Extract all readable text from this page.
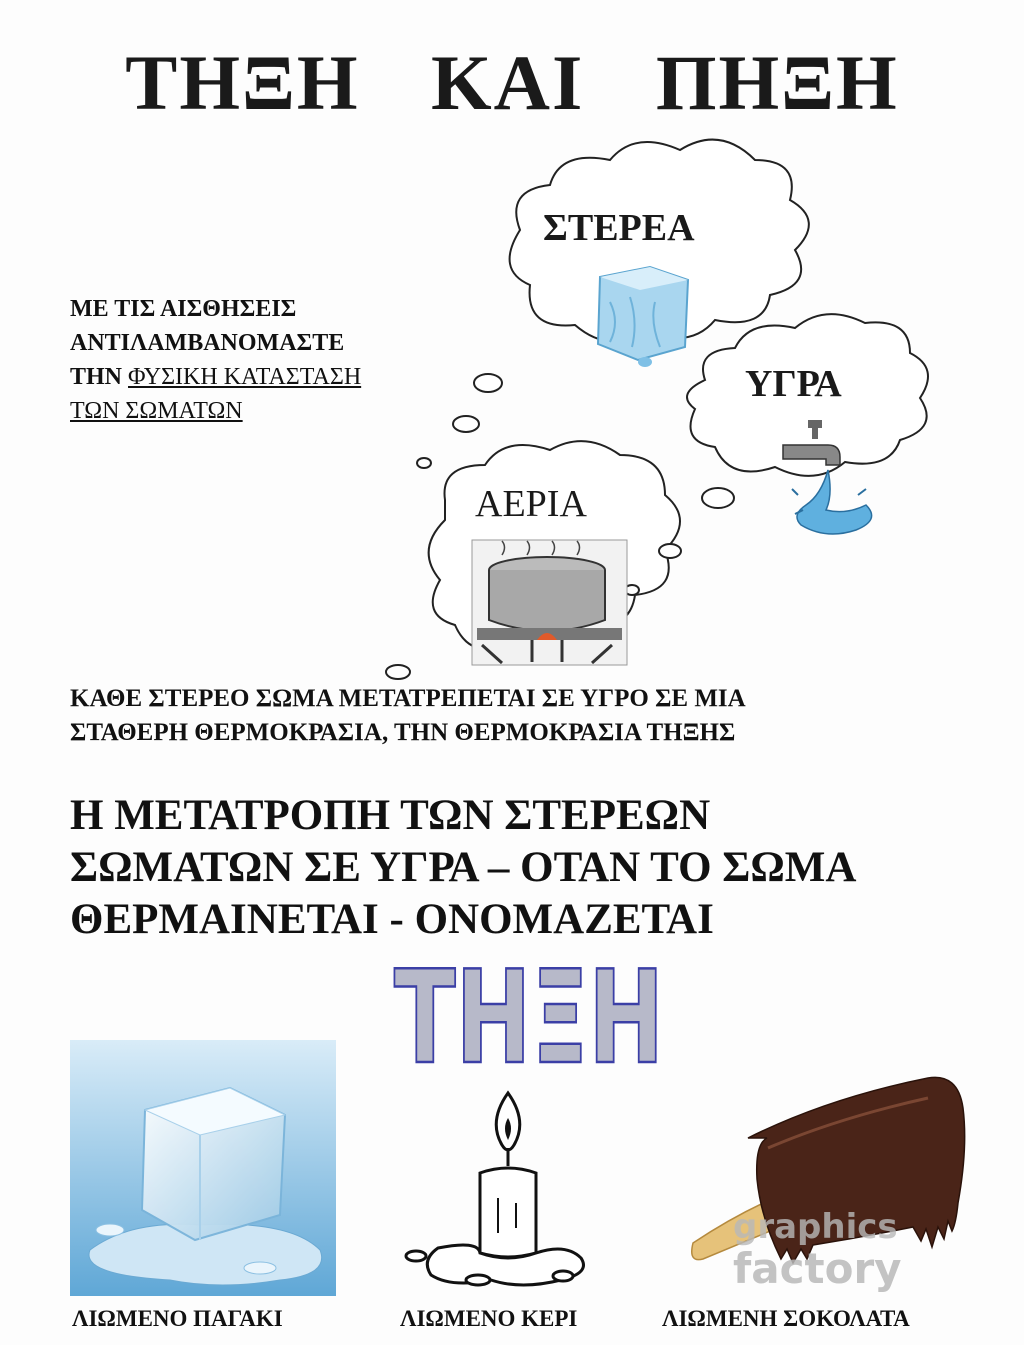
ΤΗΞΗ ΚΑΙ ΠΗΞΗ
ΜΕ ΤΙΣ ΑΙΣΘΗΣΕΙΣ
ΑΝΤΙΛΑΜΒΑΝΟΜΑΣΤΕ
ΤΗΝ ΦΥΣΙΚΗ ΚΑΤΑΣΤΑΣΗ
ΤΩΝ ΣΩΜΑΤΩΝ
ΣΤΕΡΕΑ
ΥΓΡΑ
ΑΕΡΙΑ
ΚΑΘΕ ΣΤΕΡΕΟ ΣΩΜΑ ΜΕΤΑΤΡΕΠΕΤΑΙ ΣΕ ΥΓΡΟ ΣΕ ΜΙΑ
ΣΤΑΘΕΡΗ ΘΕΡΜΟΚΡΑΣΙΑ, ΤΗΝ ΘΕΡΜΟΚΡΑΣΙΑ ΤΗΞΗΣ
Η ΜΕΤΑΤΡΟΠΗ ΤΩΝ ΣΤΕΡΕΩΝ
ΣΩΜΑΤΩΝ ΣΕ ΥΓΡΑ – ΟΤΑΝ ΤΟ ΣΩΜΑ
ΘΕΡΜΑΙΝΕΤΑΙ - ΟΝΟΜΑΖΕΤΑΙ
ΤΗΞΗ
graphics
factory
ΛΙΩΜΕΝΟ ΠΑΓΑΚΙ	ΛΙΩΜΕΝΟ ΚΕΡΙ	ΛΙΩΜΕΝΗ ΣΟΚΟΛΑΤΑ
